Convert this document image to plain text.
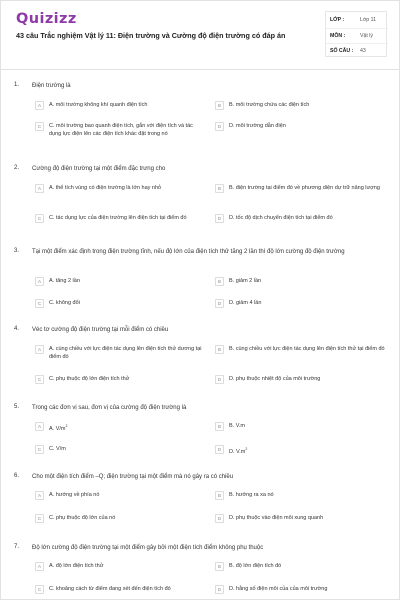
Quizizz
43 câu Trắc nghiệm Vật lý 11: Điện trường và Cường độ điện trường có đáp án
LỚP :	Lớp 11
MÔN :	Vật lý
SỐ CÂU : 43
1. Điện trường là
A	A. môi trường không khí quanh điện tích	B	B. môi trường chứa các điện tích
C	C. môi trường bao quanh điện tích, gắn với điện tích và tác dụng lực điện lên các điện tích khác đặt trong nó
D	D. môi trường dẫn điện
2. Cường độ điện trường tại một điểm đặc trưng cho
A	A. thể tích vùng có điện trường là lớn hay nhỏ	B	B. điện trường tại điểm đó về phương diện dự trữ năng lượng
C	C. tác dụng lực của điện trường lên điện tích tại điểm đó	D	D. tốc độ dịch chuyển điện tích tại điểm đó
3. Tại một điểm xác định trong điện trường tĩnh, nếu độ lớn của điện tích thử tăng 2 lần thì độ lớn cường độ điện trường
A	A. tăng 2 lần	B	B. giảm 2 lần
C	C. không đổi	D	D. giảm 4 lần
4. Véc tơ cường độ điện trường tại mỗi điểm có chiều
A	A. cùng chiều với lực điện tác dụng lên điện tích thử dương tại điểm đó
B	B. cùng chiều với lực điện tác dụng lên điện tích thử tại điểm đó
C	C. phụ thuộc độ lớn điện tích thử	D	D. phụ thuộc nhiệt độ của môi trường
5. Trong các đơn vị sau, đơn vị của cường độ điện trường là
A	A. $V/m^2$	B	B. V.m
C	C. V/m	D	D. $V.m^2$
6. Cho một điện tích điểm –Q; điện trường tại một điểm mà nó gây ra có chiều
A	A. hướng về phía nó	B	B. hướng ra xa nó
C	C. phụ thuộc độ lớn của nó	D	D. phụ thuộc vào điện môi xung quanh
7. Độ lớn cường độ điện trường tại một điểm gây bởi một điện tích điểm không phụ thuộc
A	A. độ lớn điện tích thử	B	B. độ lớn điện tích đó
C	C. khoảng cách từ điểm đang xét đến điện tích đó	D	D. hằng số điện môi của của môi trường
